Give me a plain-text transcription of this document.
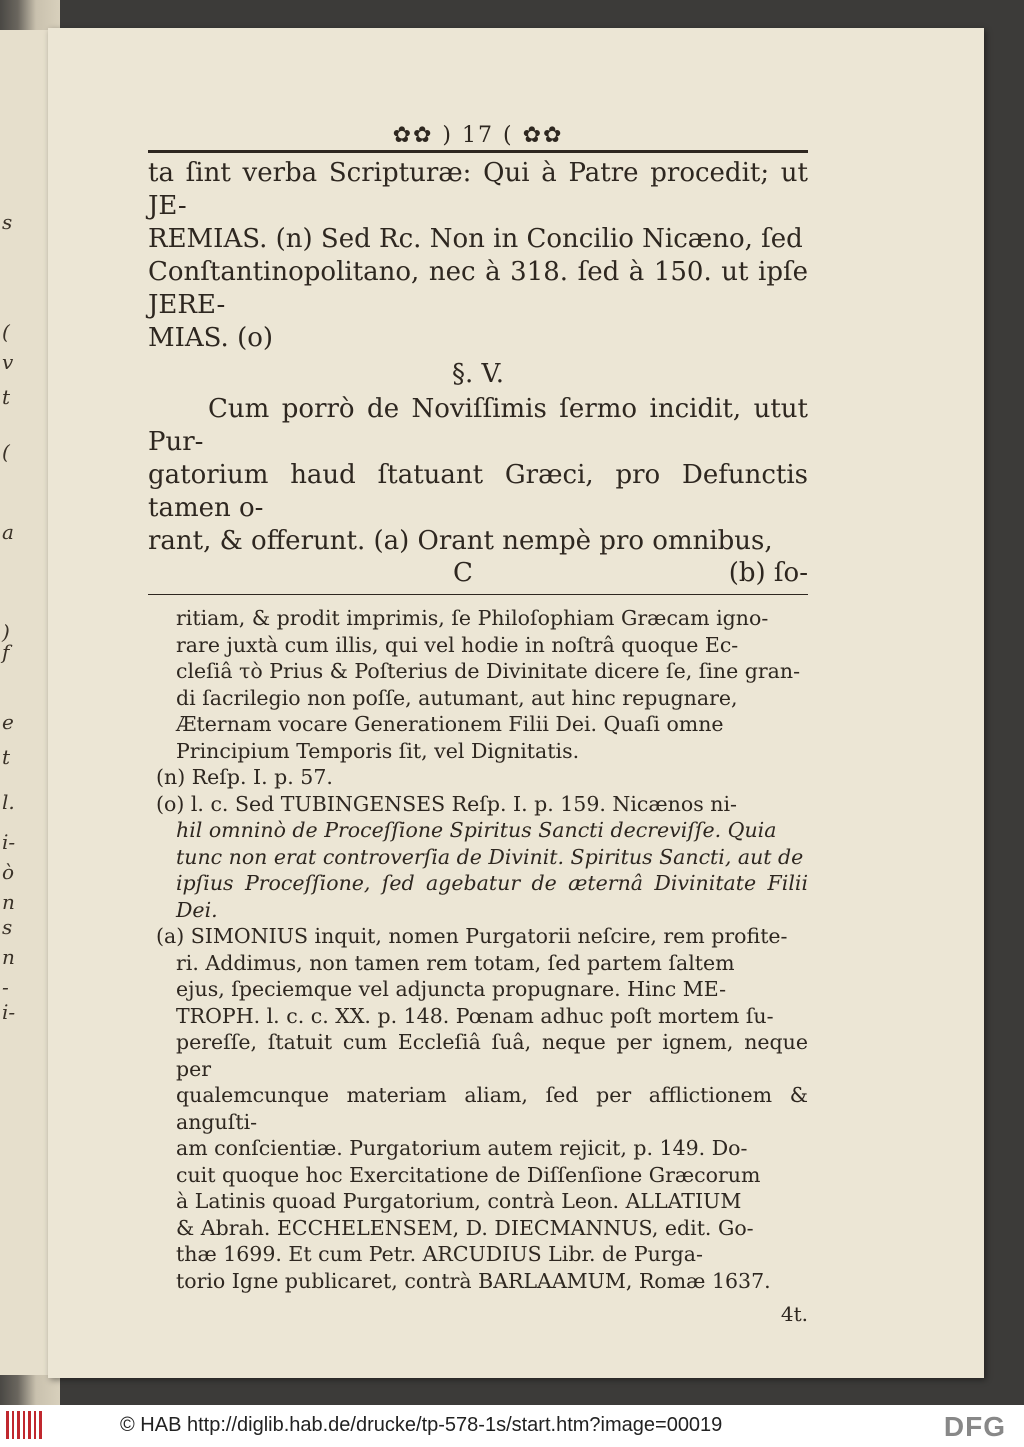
s
(
v
t
(
a
)
f
e
t
l.
i-
ò
n
s
n
-
i-
✿✿ ) 17 ( ✿✿

ta ſint verba Scripturæ: Qui à Patre procedit; ut JE-

REMIAS. (n) Sed Rc. Non in Concilio Nicæno, ſed

Conſtantinopolitano, nec à 318. ſed à 150. ut ipſe JERE-

MIAS. (o)

§. V.

Cum porrò de Noviſſimis ſermo incidit, utut Pur-

gatorium haud ſtatuant Græci, pro Defunctis tamen o-

rant, & offerunt. (a) Orant nempè pro omnibus,

C	(b) ſo-

ritiam, & prodit imprimis, ſe Philoſophiam Græcam igno-

rare juxtà cum illis, qui vel hodie in noſtrâ quoque Ec-

cleſiâ τὸ Prius & Poſterius de Divinitate dicere ſe, ſine gran-

di ſacrilegio non poſſe, autumant, aut hinc repugnare,

Æternam vocare Generationem Filii Dei. Quaſi omne

Principium Temporis ſit, vel Dignitatis.

(n) Reſp. I. p. 57.

(o) l. c. Sed TUBINGENSES Reſp. I. p. 159. Nicænos ni-

hil omninò de Proceſſione Spiritus Sancti decreviſſe. Quia

tunc non erat controverſia de Divinit. Spiritus Sancti, aut de

ipſius Proceſſione, ſed agebatur de æternâ Divinitate Filii Dei.

(a) SIMONIUS inquit, nomen Purgatorii neſcire, rem profite-

ri. Addimus, non tamen rem totam, ſed partem ſaltem

ejus, ſpeciemque vel adjuncta propugnare. Hinc ME-

TROPH. l. c. c. XX. p. 148. Pœnam adhuc poſt mortem ſu-

pereſſe, ſtatuit cum Eccleſiâ ſuâ, neque per ignem, neque per

qualemcunque materiam aliam, ſed per afflictionem & anguſti-

am conſcientiæ. Purgatorium autem rejicit, p. 149. Do-

cuit quoque hoc Exercitatione de Diſſenſione Græcorum

à Latinis quoad Purgatorium, contrà Leon. ALLATIUM

& Abrah. ECCHELENSEM, D. DIECMANNUS, edit. Go-

thæ 1699. Et cum Petr. ARCUDIUS Libr. de Purga-

torio Igne publicaret, contrà BARLAAMUM, Romæ 1637.

4t.
© HAB http://diglib.hab.de/drucke/tp-578-1s/start.htm?image=00019	DFG
